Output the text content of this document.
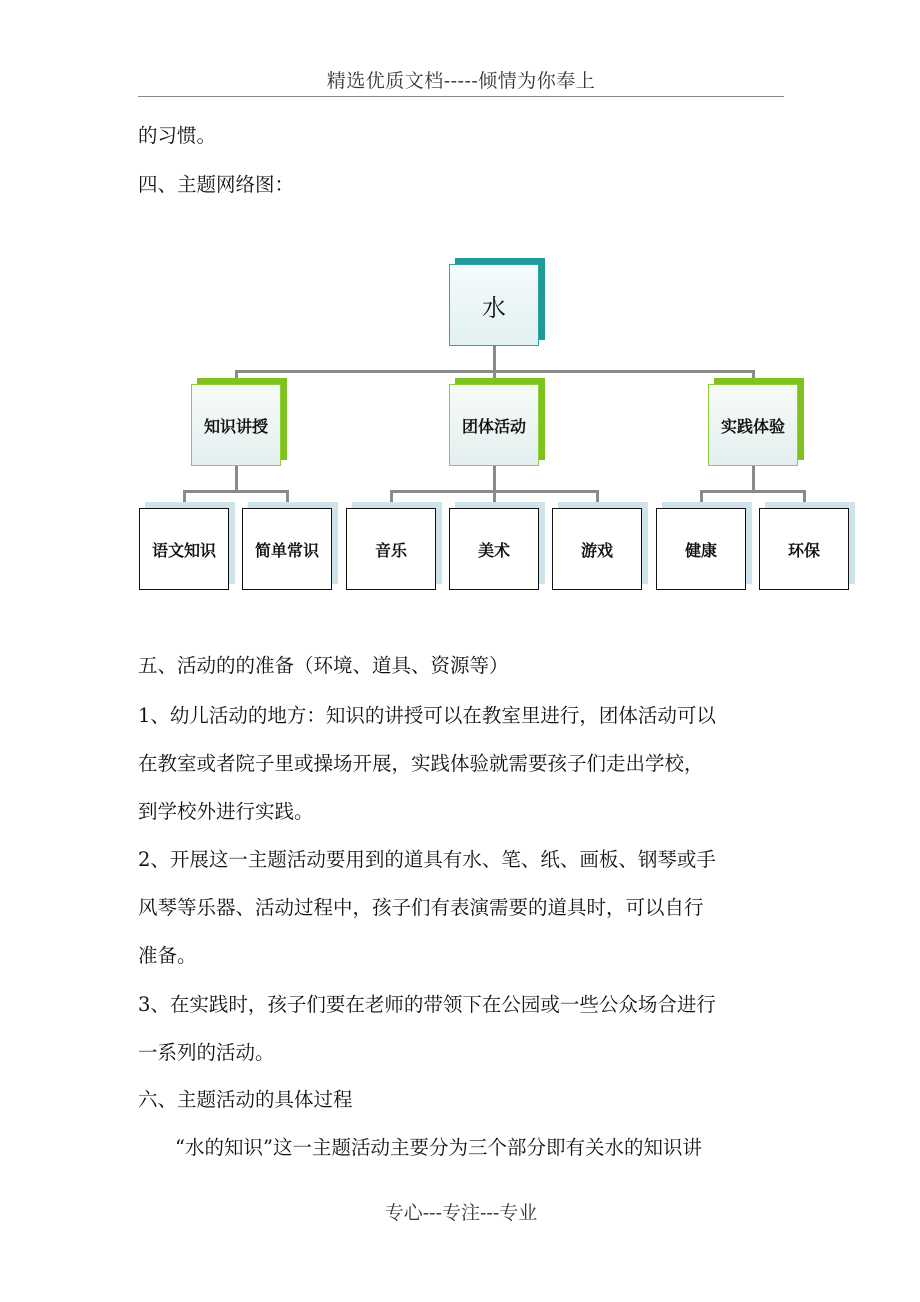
精选优质文档-----倾情为你奉上
的习惯。
四、主题网络图：
水
知识讲授	团体活动	实践体验
语文知识 简单常识	音乐	美术	游戏	健康	环保
五、活动的的准备（环境、道具、资源等）
1、幼儿活动的地方：知识的讲授可以在教室里进行，团体活动可以
在教室或者院子里或操场开展，实践体验就需要孩子们走出学校，
到学校外进行实践。
2、开展这一主题活动要用到的道具有水、笔、纸、画板、钢琴或手
风琴等乐器、活动过程中，孩子们有表演需要的道具时，可以自行
准备。
3、在实践时，孩子们要在老师的带领下在公园或一些公众场合进行
一系列的活动。
六、主题活动的具体过程
“水的知识”这一主题活动主要分为三个部分即有关水的知识讲
专心---专注---专业
